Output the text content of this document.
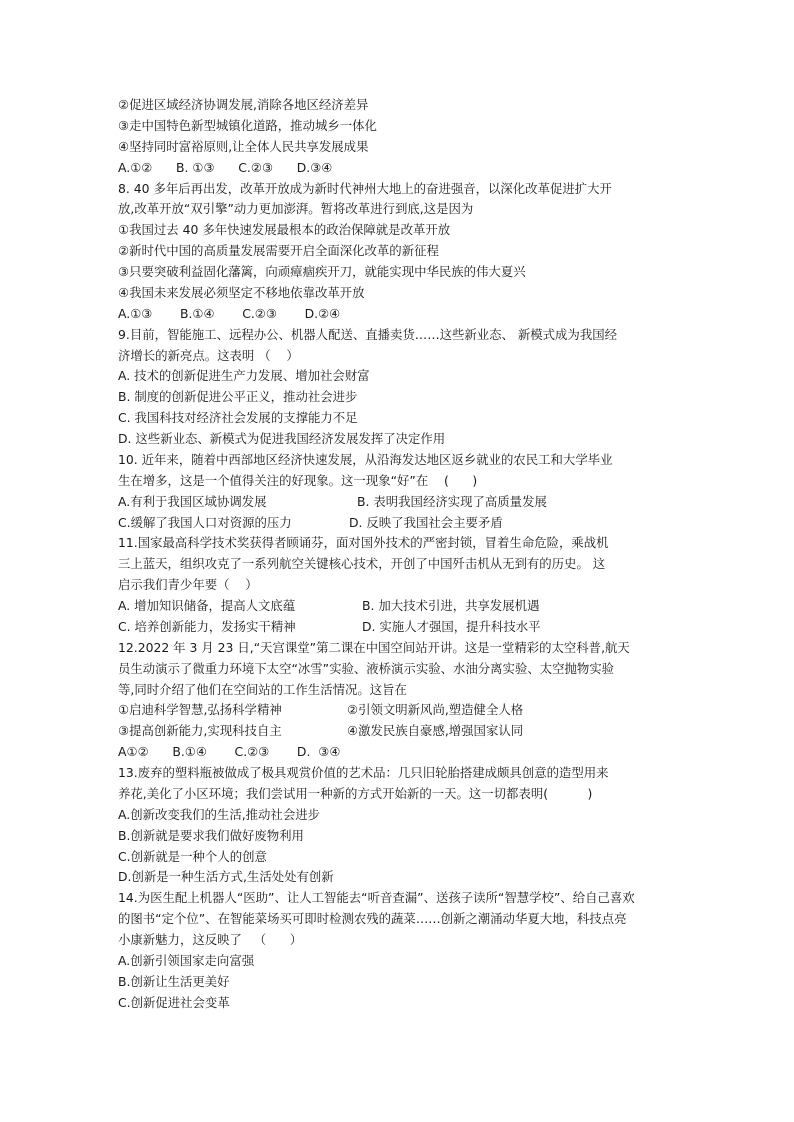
②促进区域经济协调发展,消除各地区经济差异
③走中国特色新型城镇化道路，推动城乡一体化
④坚持同时富裕原则,让全体人民共享发展成果
A.①②      B. ①③      C.②③      D.③④
8. 40 多年后再出发，改革开放成为新时代神州大地上的奋进强音，以深化改革促进扩大开
放,改革开放“双引擎”动力更加澎湃。暂将改革进行到底,这是因为
①我国过去 40 多年快速发展最根本的政治保障就是改革开放
②新时代中国的高质量发展需要开启全面深化改革的新征程
③只要突破利益固化藩篱，向顽瘴痼疾开刀，就能实现中华民族的伟大夏兴
④我国未来发展必须坚定不移地依靠改革开放
A.①③       B.①④       C.②③       D.②④
9.目前，智能施工、远程办公、机器人配送、直播卖货……这些新业态、 新模式成为我国经
济增长的新亮点。这表明 （    ）
A. 技术的创新促进生产力发展、增加社会财富
B. 制度的创新促进公平正义，推动社会进步
C. 我国科技对经济社会发展的支撑能力不足
D. 这些新业态、新模式为促进我国经济发展发挥了决定作用
10. 近年来，随着中西部地区经济快速发展，从沿海发达地区返乡就业的农民工和大学毕业
生在增多，这是一个值得关注的好现象。这一现象“好”在    (      )

A.有利于我国区域协调发展

	B. 表明我国经济实现了高质量发展

C.缓解了我国人口对资源的压力

	D. 反映了我国社会主要矛盾

11.国家最高科学技术奖获得者顾诵芬，面对国外技术的严密封锁，冒着生命危险，乘战机
三上蓝天，组织攻克了一系列航空关键核心技术，开创了中国歼击机从无到有的历史。 这
启示我们青少年要（    ）

A. 增加知识储备，提高人文底蕴

	B. 加大技术引进，共享发展机遇

C. 培养创新能力，发扬实干精神

	D. 实施人才强国，提升科技水平

12.2022 年 3 月 23 日,“天宫课堂”第二课在中国空间站开讲。这是一堂精彩的太空科普,航天
员生动演示了微重力环境下太空“冰雪”实验、液桥演示实验、水油分离实验、太空抛物实验
等,同时介绍了他们在空间站的工作生活情况。这旨在

①启迪科学智慧,弘扬科学精神

	②引领文明新风尚,塑造健全人格

③提高创新能力,实现科技自主

	④激发民族自豪感,增强国家认同

A①②      B.①④       C.②③       D.  ③④
13.废弃的塑料瓶被做成了极具观赏价值的艺术品：几只旧轮胎搭建成颇具创意的造型用来
养花,美化了小区环境；我们尝试用一种新的方式开始新的一天。这一切都表明(          )
A.创新改变我们的生活,推动社会进步
B.创新就是要求我们做好废物利用
C.创新就是一种个人的创意
D.创新是一种生活方式,生活处处有创新
14.为医生配上机器人“医助”、让人工智能去“听音查漏”、送孩子读所“智慧学校”、给自己喜欢
的图书“定个位”、在智能菜场买可即时检测农残的蔬菜……创新之潮涌动华夏大地，科技点亮
小康新魅力，这反映了   （      ）
A.创新引领国家走向富强
B.创新让生活更美好
C.创新促进社会变革
